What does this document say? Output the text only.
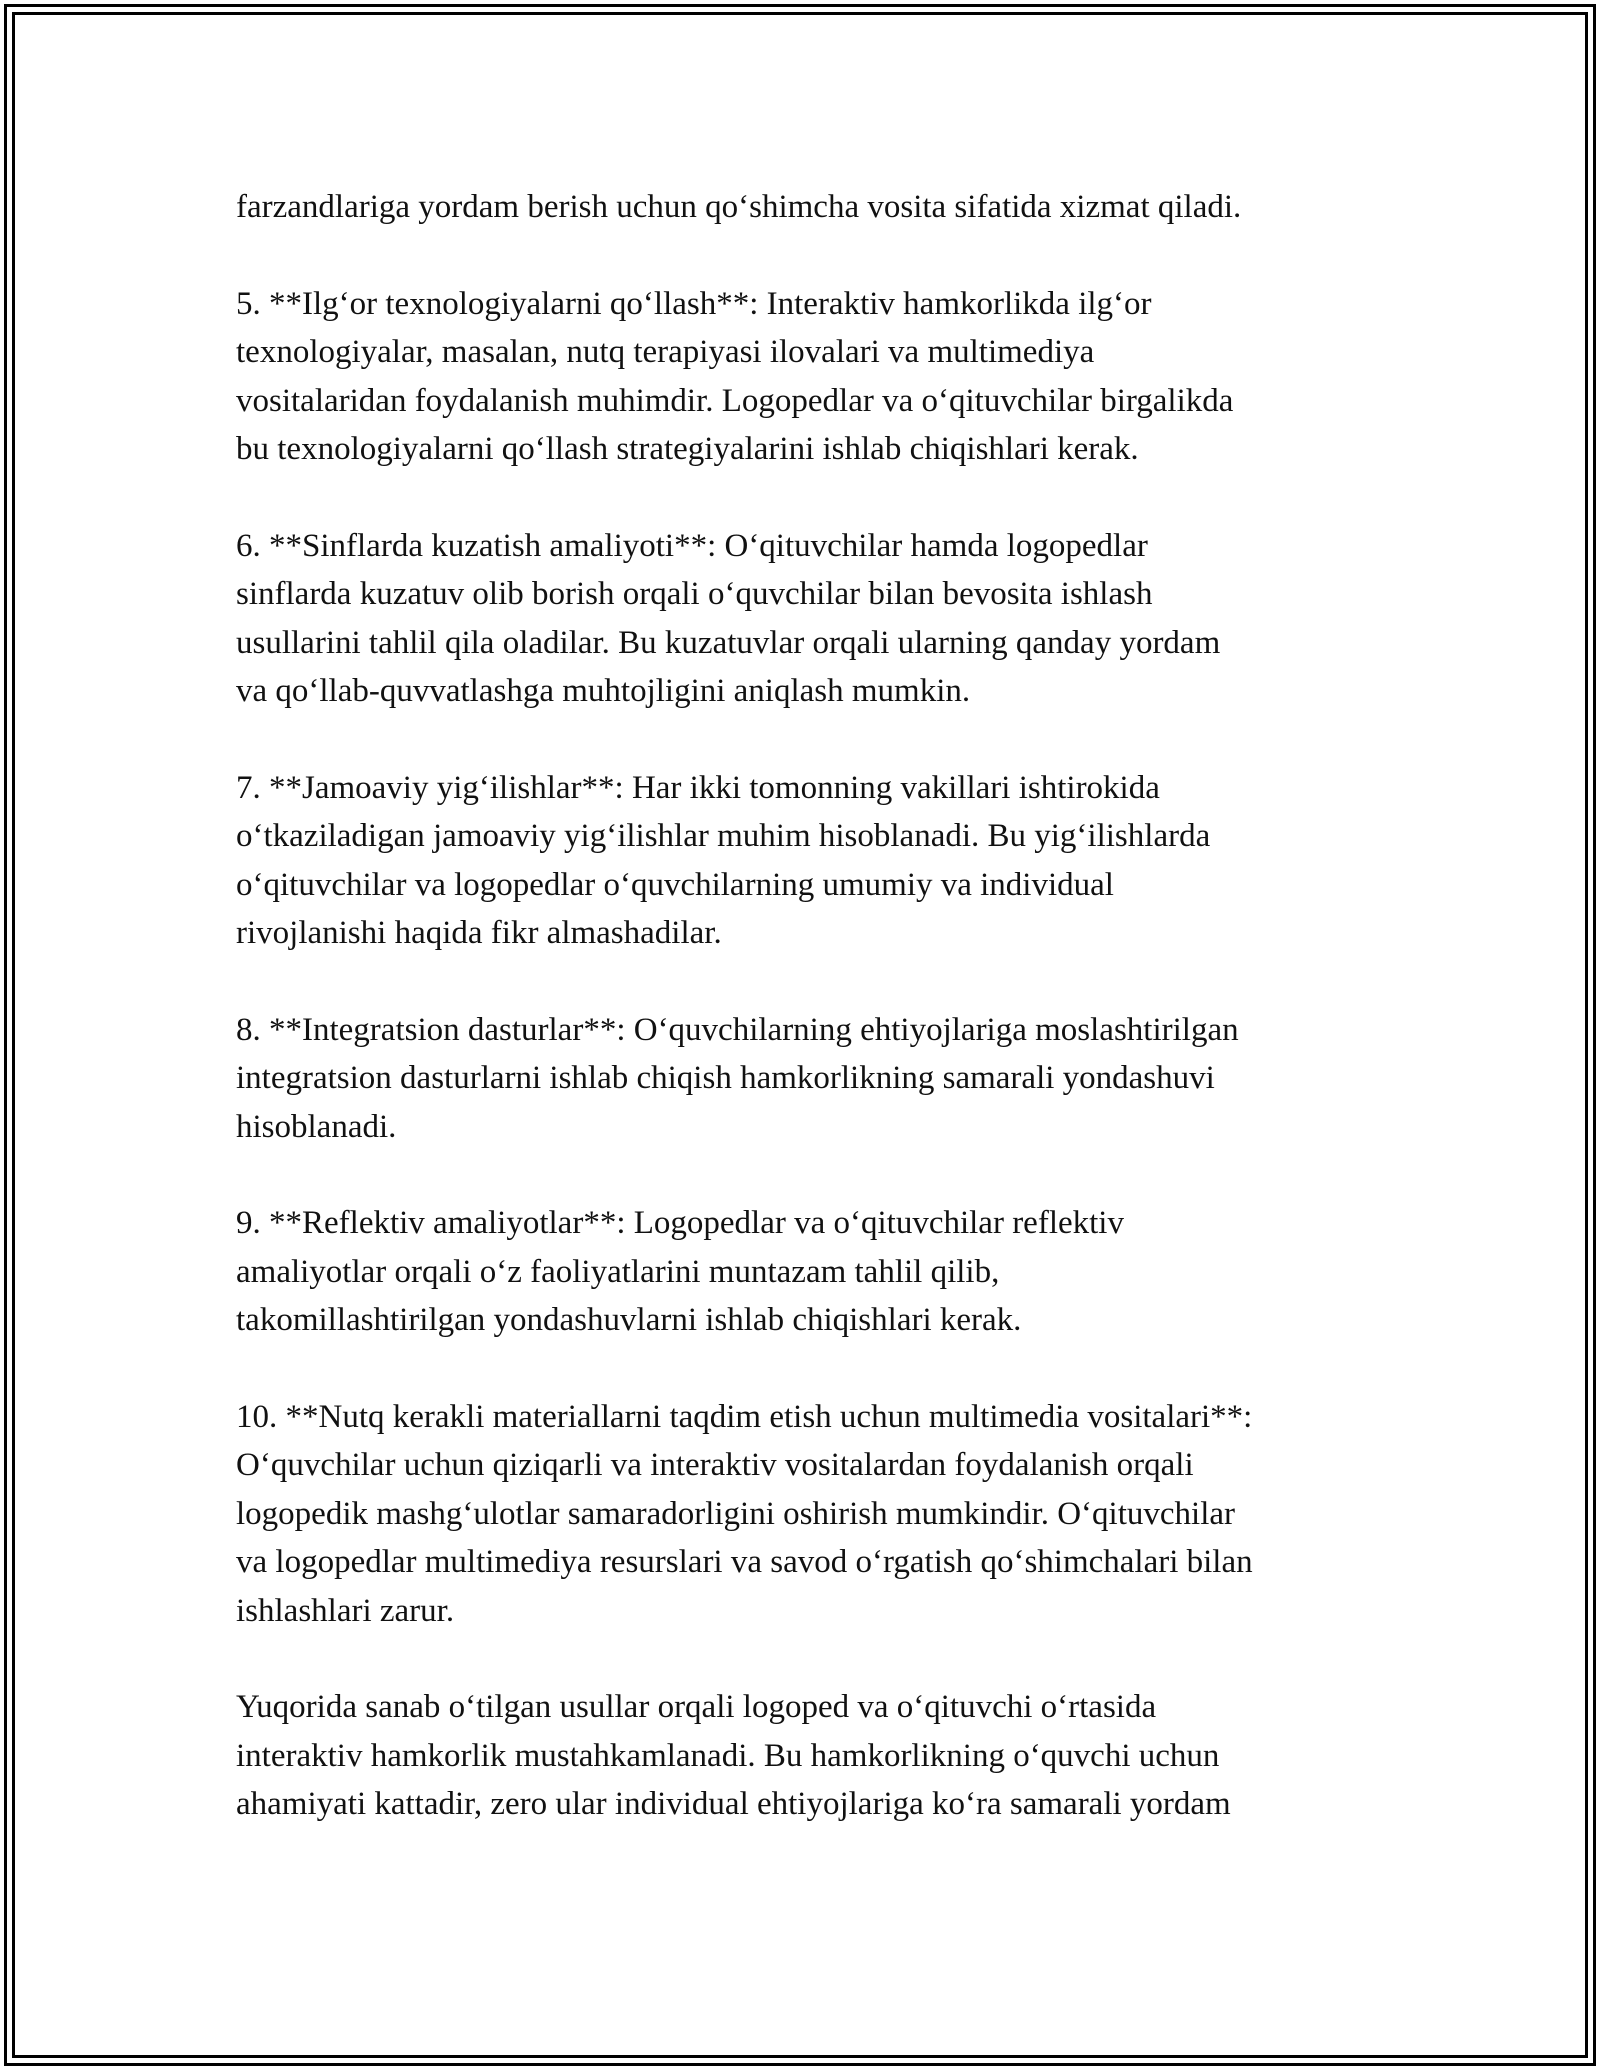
farzandlariga yordam berish uchun qo‘shimcha vosita sifatida xizmat qiladi.

5. **Ilg‘or texnologiyalarni qo‘llash**: Interaktiv hamkorlikda ilg‘or
texnologiyalar, masalan, nutq terapiyasi ilovalari va multimediya
vositalaridan foydalanish muhimdir. Logopedlar va o‘qituvchilar birgalikda
bu texnologiyalarni qo‘llash strategiyalarini ishlab chiqishlari kerak.

6. **Sinflarda kuzatish amaliyoti**: O‘qituvchilar hamda logopedlar
sinflarda kuzatuv olib borish orqali o‘quvchilar bilan bevosita ishlash
usullarini tahlil qila oladilar. Bu kuzatuvlar orqali ularning qanday yordam
va qo‘llab-quvvatlashga muhtojligini aniqlash mumkin.

7. **Jamoaviy yig‘ilishlar**: Har ikki tomonning vakillari ishtirokida
o‘tkaziladigan jamoaviy yig‘ilishlar muhim hisoblanadi. Bu yig‘ilishlarda
o‘qituvchilar va logopedlar o‘quvchilarning umumiy va individual
rivojlanishi haqida fikr almashadilar.

8. **Integratsion dasturlar**: O‘quvchilarning ehtiyojlariga moslashtirilgan
integratsion dasturlarni ishlab chiqish hamkorlikning samarali yondashuvi
hisoblanadi.

9. **Reflektiv amaliyotlar**: Logopedlar va o‘qituvchilar reflektiv
amaliyotlar orqali o‘z faoliyatlarini muntazam tahlil qilib,
takomillashtirilgan yondashuvlarni ishlab chiqishlari kerak.

10. **Nutq kerakli materiallarni taqdim etish uchun multimedia vositalari**:
O‘quvchilar uchun qiziqarli va interaktiv vositalardan foydalanish orqali
logopedik mashg‘ulotlar samaradorligini oshirish mumkindir. O‘qituvchilar
va logopedlar multimediya resurslari va savod o‘rgatish qo‘shimchalari bilan
ishlashlari zarur.

Yuqorida sanab o‘tilgan usullar orqali logoped va o‘qituvchi o‘rtasida
interaktiv hamkorlik mustahkamlanadi. Bu hamkorlikning o‘quvchi uchun
ahamiyati kattadir, zero ular individual ehtiyojlariga ko‘ra samarali yordam
